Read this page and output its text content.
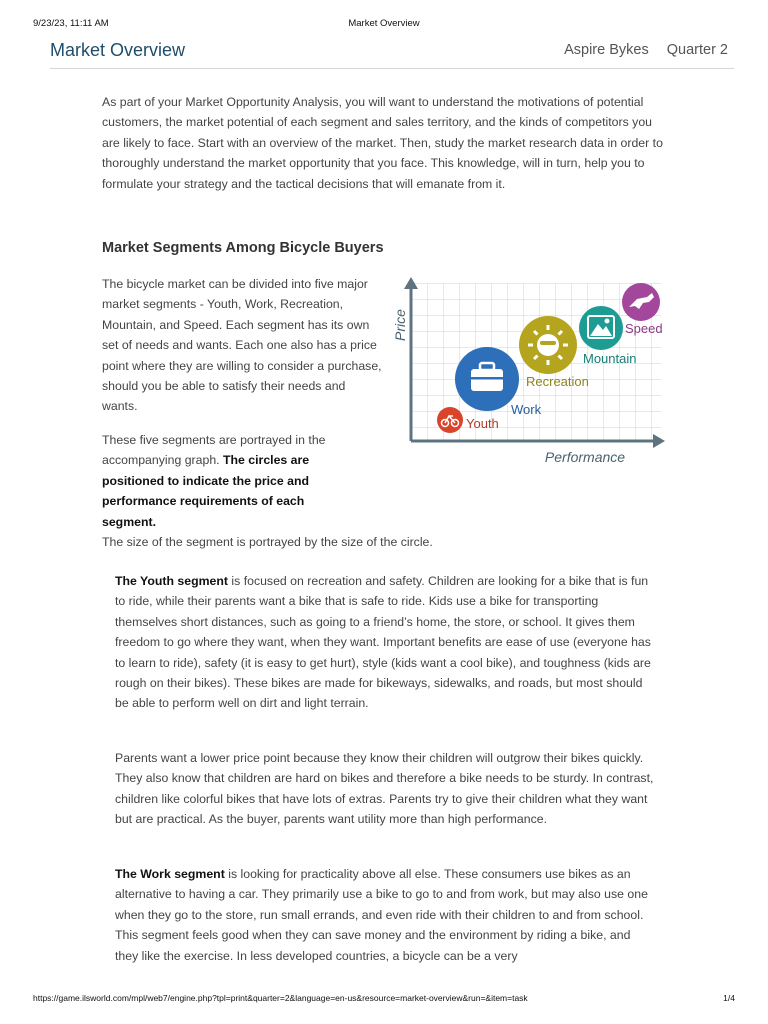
9/23/23, 11:11 AM	Market Overview
Market Overview	Aspire Bykes Quarter 2

As part of your Market Opportunity Analysis, you will want to understand the motivations of potential customers, the market potential of each segment and sales territory, and the kinds of competitors you are likely to face. Start with an overview of the market. Then, study the market research data in order to thoroughly understand the market opportunity that you face. This knowledge, will in turn, help you to formulate your strategy and the tactical decisions that will emanate from it.

Market Segments Among Bicycle Buyers

The bicycle market can be divided into five major market segments - Youth, Work, Recreation, Mountain, and Speed. Each segment has its own set of needs and wants. Each one also has a price point where they are willing to consider a purchase, should you be able to satisfy their needs and wants.

These five segments are portrayed in the accompanying graph. The circles are positioned to indicate the price and performance requirements of each segment.
The size of the segment is portrayed by the size of the circle.

Price
Performance
Youth
Work
Recreation
Mountain
Speed

The Youth segment is focused on recreation and safety. Children are looking for a bike that is fun to ride, while their parents want a bike that is safe to ride. Kids use a bike for transporting themselves short distances, such as going to a friend’s home, the store, or school. It gives them freedom to go where they want, when they want. Important benefits are ease of use (everyone has to learn to ride), safety (it is easy to get hurt), style (kids want a cool bike), and toughness (kids are rough on their bikes). These bikes are made for bikeways, sidewalks, and roads, but most should be able to perform well on dirt and light terrain.

Parents want a lower price point because they know their children will outgrow their bikes quickly. They also know that children are hard on bikes and therefore a bike needs to be sturdy. In contrast, children like colorful bikes that have lots of extras. Parents try to give their children what they want but are practical. As the buyer, parents want utility more than high performance.

The Work segment is looking for practicality above all else. These consumers use bikes as an alternative to having a car. They primarily use a bike to go to and from work, but may also use one when they go to the store, run small errands, and even ride with their children to and from school. This segment feels good when they can save money and the environment by riding a bike, and they like the exercise. In less developed countries, a bicycle can be a very

https://game.ilsworld.com/mpl/web7/engine.php?tpl=print&quarter=2&language=en-us&resource=market-overview&run=&item=task	1/4
